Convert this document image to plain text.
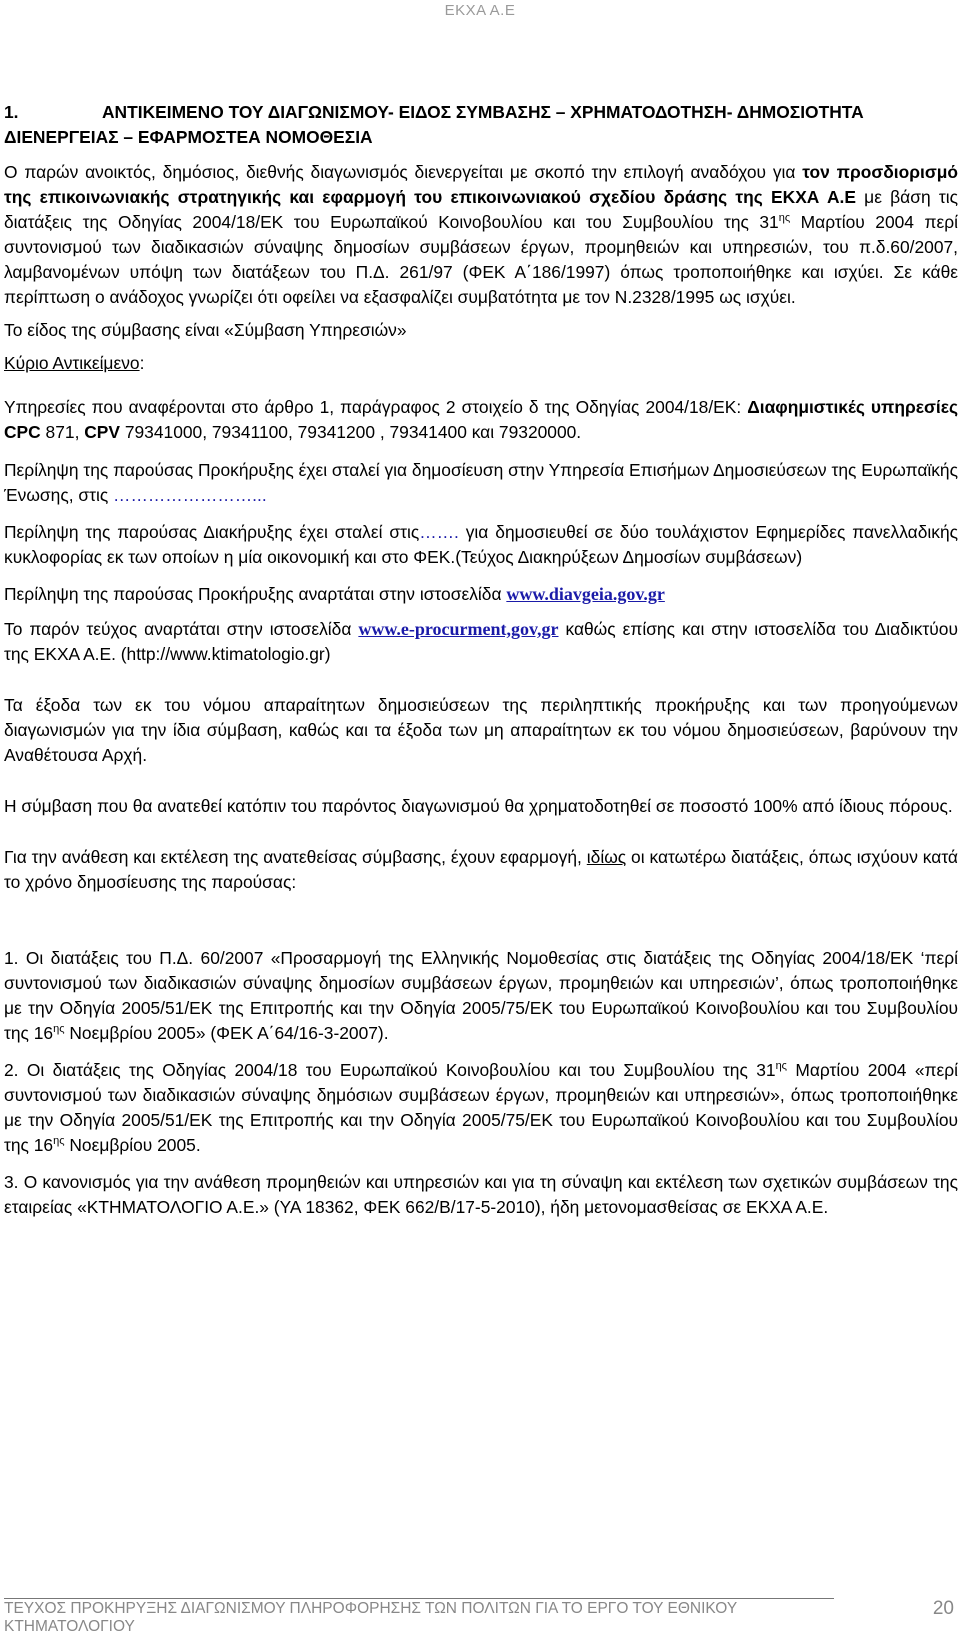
ΕΚΧΑ Α.Ε

1.	ΑΝΤΙΚΕΙΜΕΝΟ ΤΟΥ ΔΙΑΓΩΝΙΣΜΟΥ- ΕΙΔΟΣ ΣΥΜΒΑΣΗΣ – ΧΡΗΜΑΤΟΔΟΤΗΣΗ- ΔΗΜΟΣΙΟΤΗΤΑ ΔΙΕΝΕΡΓΕΙΑΣ – ΕΦΑΡΜΟΣΤΕΑ ΝΟΜΟΘΕΣΙΑ

Ο παρών ανοικτός, δημόσιος, διεθνής διαγωνισμός διενεργείται με σκοπό την επιλογή αναδόχου για τον προσδιορισμό της επικοινωνιακής στρατηγικής και εφαρμογή του επικοινωνιακού σχεδίου δράσης της ΕΚΧΑ Α.Ε με βάση τις διατάξεις της Οδηγίας 2004/18/ΕΚ του Ευρωπαϊκού Κοινοβουλίου και του Συμβουλίου της $31^{\eta\varsigma}$ Μαρτίου 2004 περί συντονισμού των διαδικασιών σύναψης δημοσίων συμβάσεων έργων, προμηθειών και υπηρεσιών, του π.δ.60/2007, λαμβανομένων υπόψη των διατάξεων του Π.Δ. 261/97 (ΦΕΚ Α΄186/1997) όπως τροποποιήθηκε και ισχύει. Σε κάθε περίπτωση ο ανάδοχος γνωρίζει ότι οφείλει να εξασφαλίζει συμβατότητα με τον Ν.2328/1995 ως ισχύει.

Το είδος της σύμβασης είναι «Σύμβαση Υπηρεσιών»

Κύριο Αντικείμενο:

Υπηρεσίες που αναφέρονται στο άρθρο 1, παράγραφος 2 στοιχείο δ της Οδηγίας 2004/18/ΕΚ: Διαφημιστικές υπηρεσίες CPC 871, CPV 79341000, 79341100, 79341200 , 79341400 και 79320000.

Περίληψη της παρούσας Προκήρυξης έχει σταλεί για δημοσίευση στην Υπηρεσία Επισήμων Δημοσιεύσεων της Ευρωπαϊκής Ένωσης, στις ……………………...

Περίληψη της παρούσας Διακήρυξης έχει σταλεί στις……. για δημοσιευθεί σε δύο τουλάχιστον Εφημερίδες πανελλαδικής κυκλοφορίας εκ των οποίων η μία οικονομική και στο ΦΕΚ.(Τεύχος Διακηρύξεων Δημοσίων συμβάσεων)

Περίληψη της παρούσας Προκήρυξης αναρτάται στην ιστοσελίδα www.diavgeia.gov.gr

Το παρόν τεύχος αναρτάται στην ιστοσελίδα www.e-procurment,gov,gr καθώς επίσης και στην ιστοσελίδα του Διαδικτύου της ΕΚΧΑ Α.Ε. (http://www.ktimatologio.gr)

Τα έξοδα των εκ του νόμου απαραίτητων δημοσιεύσεων της περιληπτικής προκήρυξης και των προηγούμενων διαγωνισμών για την ίδια σύμβαση, καθώς και τα έξοδα των μη απαραίτητων εκ του νόμου δημοσιεύσεων, βαρύνουν την Αναθέτουσα Αρχή.

Η σύμβαση που θα ανατεθεί κατόπιν του παρόντος διαγωνισμού θα χρηματοδοτηθεί σε ποσοστό 100% από ίδιους πόρους.

Για την ανάθεση και εκτέλεση της ανατεθείσας σύμβασης, έχουν εφαρμογή, ιδίως οι κατωτέρω διατάξεις, όπως ισχύουν κατά το χρόνο δημοσίευσης της παρούσας:

1. Οι διατάξεις του Π.Δ. 60/2007 «Προσαρμογή της Ελληνικής Νομοθεσίας στις διατάξεις της Οδηγίας 2004/18/ΕΚ ‘περί συντονισμού των διαδικασιών σύναψης δημοσίων συμβάσεων έργων, προμηθειών και υπηρεσιών’, όπως τροποποιήθηκε με την Οδηγία 2005/51/ΕΚ της Επιτροπής και την Οδηγία 2005/75/ΕΚ του Ευρωπαϊκού Κοινοβουλίου και του Συμβουλίου της $16^{\eta\varsigma}$ Νοεμβρίου 2005» (ΦΕΚ Α΄64/16-3-2007).

2. Οι διατάξεις της Οδηγίας 2004/18 του Ευρωπαϊκού Κοινοβουλίου και του Συμβουλίου της $31^{\eta\varsigma}$ Μαρτίου 2004 «περί συντονισμού των διαδικασιών σύναψης δημόσιων συμβάσεων έργων, προμηθειών και υπηρεσιών», όπως τροποποιήθηκε με την Οδηγία 2005/51/ΕΚ της Επιτροπής και την Οδηγία 2005/75/ΕΚ του Ευρωπαϊκού Κοινοβουλίου και του Συμβουλίου της $16^{\eta\varsigma}$ Νοεμβρίου 2005.

3. Ο κανονισμός για την ανάθεση προμηθειών και υπηρεσιών και για τη σύναψη και εκτέλεση των σχετικών συμβάσεων της εταιρείας «ΚΤΗΜΑΤΟΛΟΓΙΟ Α.Ε.» (ΥΑ 18362, ΦΕΚ 662/Β/17-5-2010), ήδη μετονομασθείσας σε ΕΚΧΑ Α.Ε.

ΤΕΥΧΟΣ ΠΡΟΚΗΡΥΞΗΣ ΔΙΑΓΩΝΙΣΜΟΥ ΠΛΗΡΟΦΟΡΗΣΗΣ ΤΩΝ ΠΟΛΙΤΩΝ ΓΙΑ ΤΟ ΕΡΓΟ ΤΟΥ ΕΘΝΙΚΟΥ ΚΤΗΜΑΤΟΛΟΓΙΟΥ
20
